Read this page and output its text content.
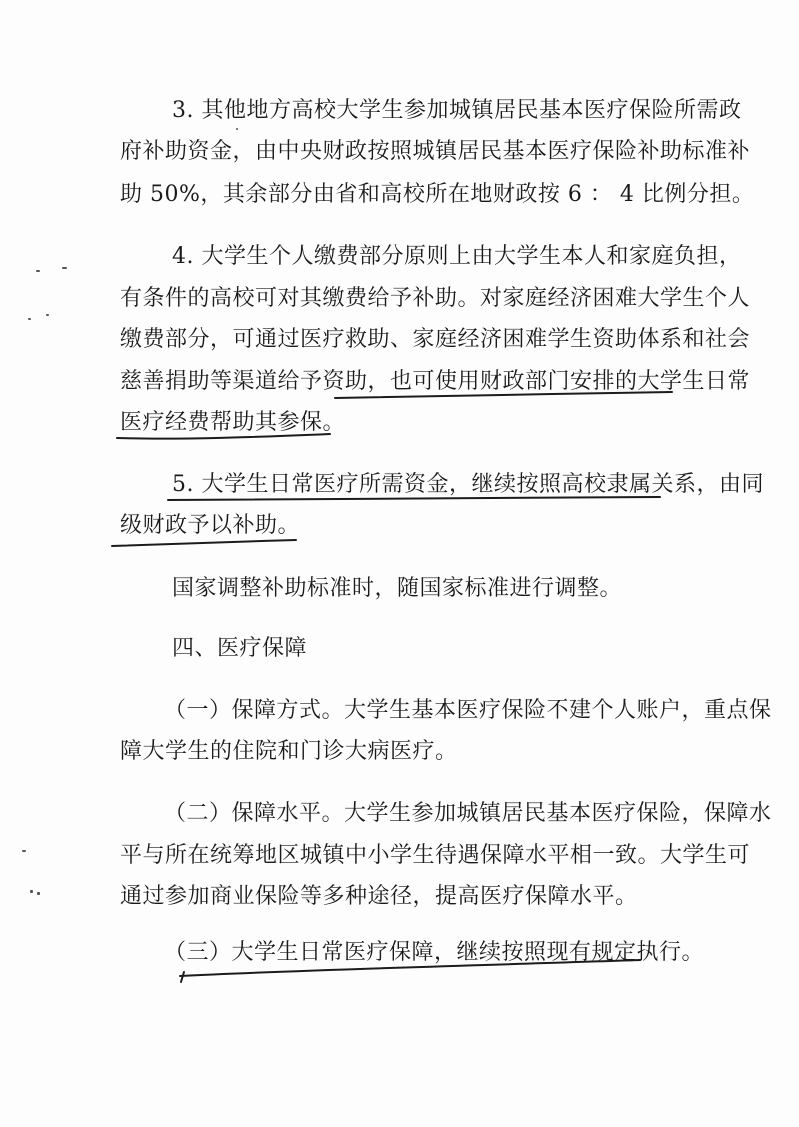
3. 其他地方高校大学生参加城镇居民基本医疗保险所需政
府补助资金，由中央财政按照城镇居民基本医疗保险补助标准补
助 50%，其余部分由省和高校所在地财政按 6 ： 4 比例分担。
4. 大学生个人缴费部分原则上由大学生本人和家庭负担，
有条件的高校可对其缴费给予补助。对家庭经济困难大学生个人
缴费部分，可通过医疗救助、家庭经济困难学生资助体系和社会
慈善捐助等渠道给予资助，也可使用财政部门安排的大学生日常
医疗经费帮助其参保。
5. 大学生日常医疗所需资金，继续按照高校隶属关系，由同
级财政予以补助。
国家调整补助标准时，随国家标准进行调整。
四、医疗保障
（一）保障方式。大学生基本医疗保险不建个人账户，重点保
障大学生的住院和门诊大病医疗。
（二）保障水平。大学生参加城镇居民基本医疗保险，保障水
平与所在统筹地区城镇中小学生待遇保障水平相一致。大学生可
通过参加商业保险等多种途径，提高医疗保障水平。
（三）大学生日常医疗保障，继续按照现有规定执行。
